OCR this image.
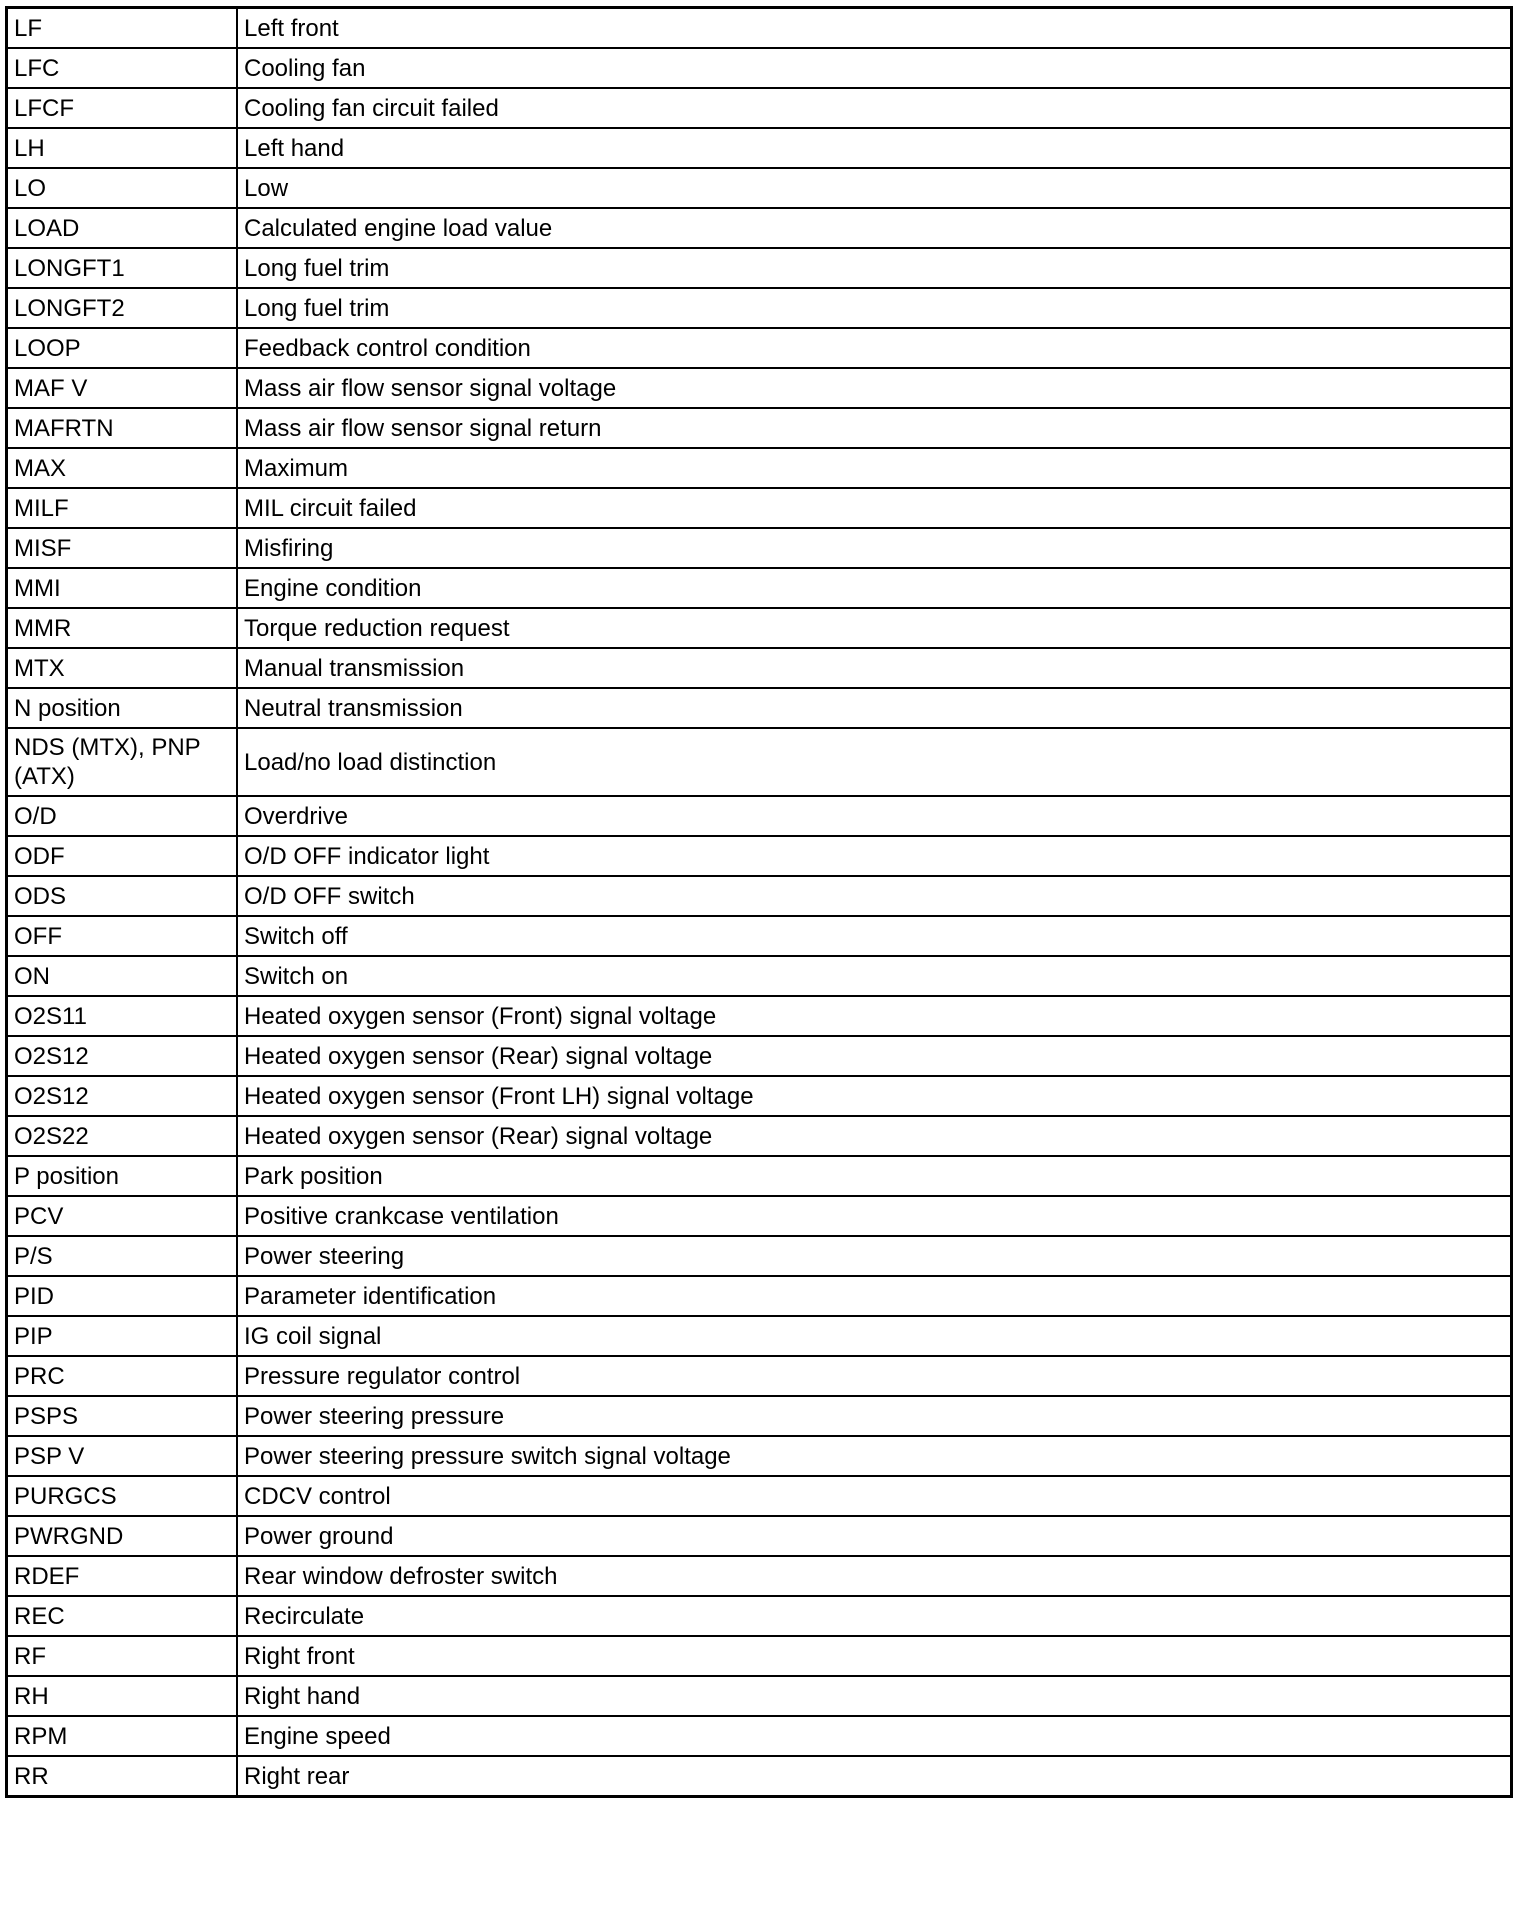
LF	Left front
LFC	Cooling fan
LFCF	Cooling fan circuit failed
LH	Left hand
LO	Low
LOAD	Calculated engine load value
LONGFT1	Long fuel trim
LONGFT2	Long fuel trim
LOOP	Feedback control condition
MAF V	Mass air flow sensor signal voltage
MAFRTN	Mass air flow sensor signal return
MAX	Maximum
MILF	MIL circuit failed
MISF	Misfiring
MMI	Engine condition
MMR	Torque reduction request
MTX	Manual transmission
N position	Neutral transmission
NDS (MTX), PNP (ATX)	Load/no load distinction
O/D	Overdrive
ODF	O/D OFF indicator light
ODS	O/D OFF switch
OFF	Switch off
ON	Switch on
O2S11	Heated oxygen sensor (Front) signal voltage
O2S12	Heated oxygen sensor (Rear) signal voltage
O2S12	Heated oxygen sensor (Front LH) signal voltage
O2S22	Heated oxygen sensor (Rear) signal voltage
P position	Park position
PCV	Positive crankcase ventilation
P/S	Power steering
PID	Parameter identification
PIP	IG coil signal
PRC	Pressure regulator control
PSPS	Power steering pressure
PSP V	Power steering pressure switch signal voltage
PURGCS	CDCV control
PWRGND	Power ground
RDEF	Rear window defroster switch
REC	Recirculate
RF	Right front
RH	Right hand
RPM	Engine speed
RR	Right rear
